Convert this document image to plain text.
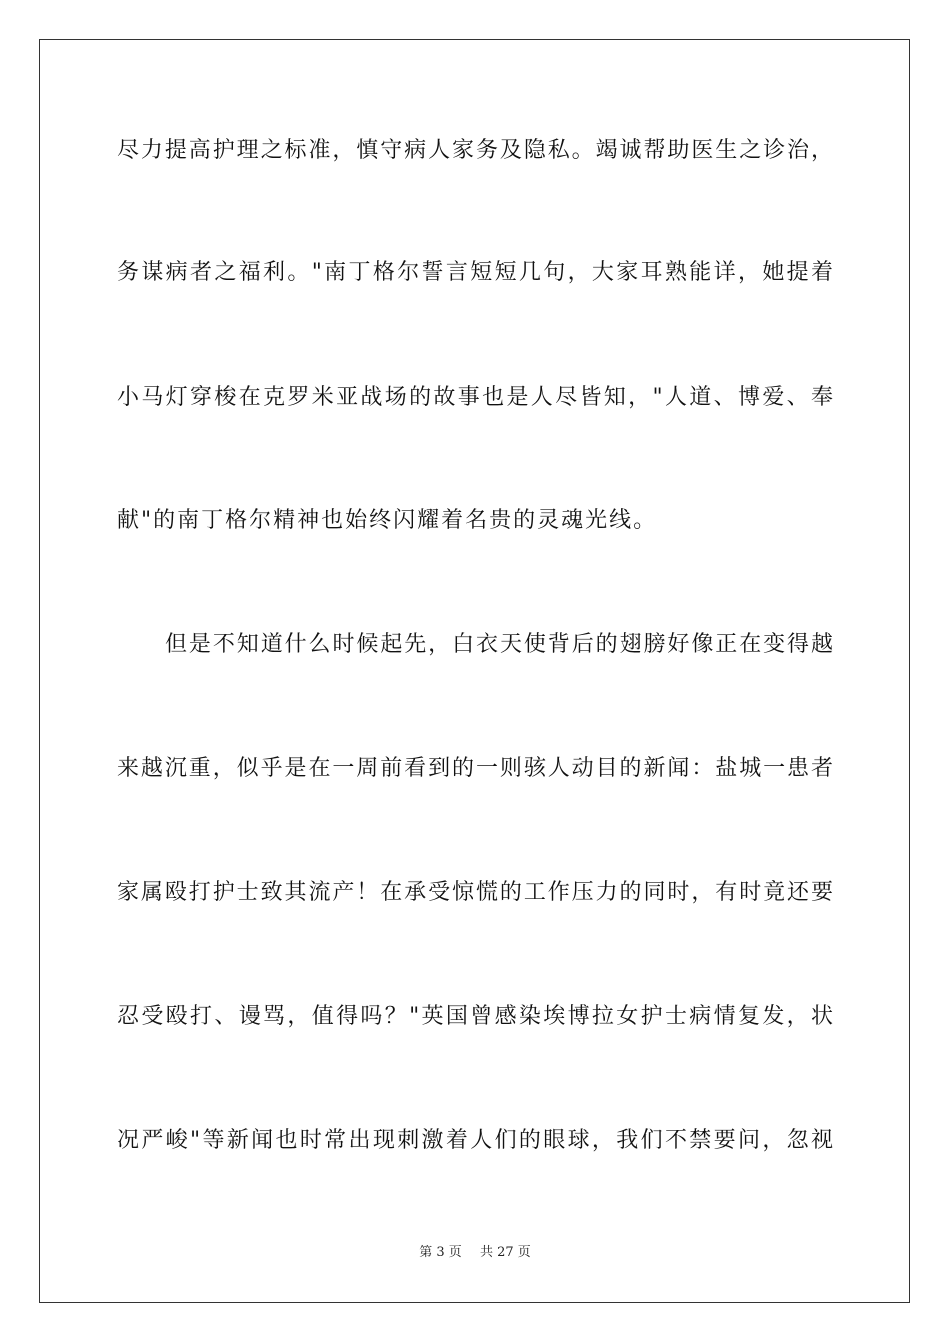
尽力提高护理之标准，慎守病人家务及隐私。竭诚帮助医生之诊治，
务谋病者之福利。"南丁格尔誓言短短几句，大家耳熟能详，她提着
小马灯穿梭在克罗米亚战场的故事也是人尽皆知，"人道、博爱、奉
献"的南丁格尔精神也始终闪耀着名贵的灵魂光线。
但是不知道什么时候起先，白衣天使背后的翅膀好像正在变得越
来越沉重，似乎是在一周前看到的一则骇人动目的新闻：盐城一患者
家属殴打护士致其流产！在承受惊慌的工作压力的同时，有时竟还要
忍受殴打、谩骂，值得吗？"英国曾感染埃博拉女护士病情复发，状
况严峻"等新闻也时常出现刺激着人们的眼球，我们不禁要问，忽视
第 3 页 共 27 页
